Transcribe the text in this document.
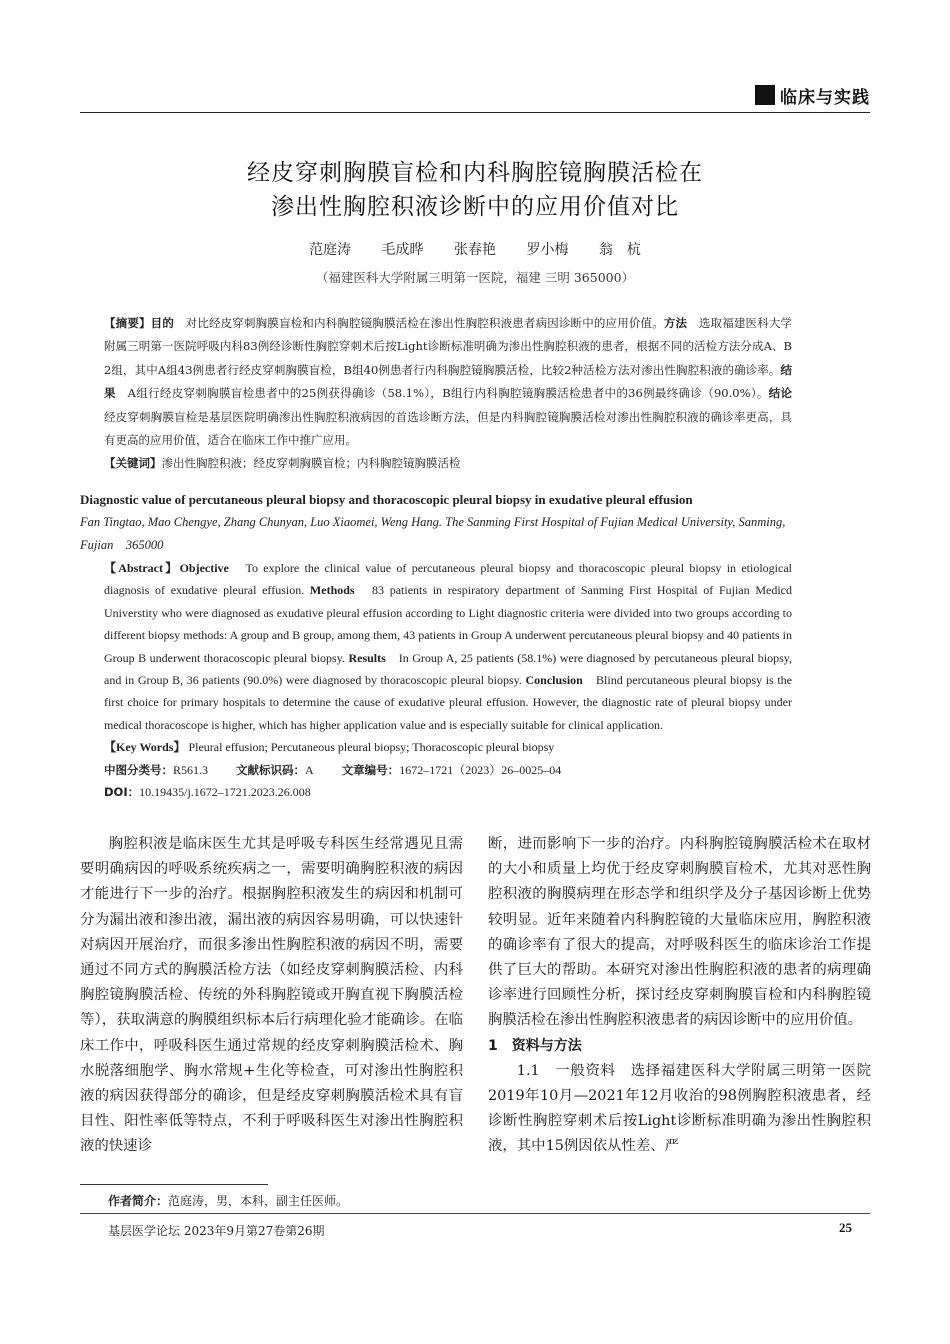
临床与实践
经皮穿刺胸膜盲检和内科胸腔镜胸膜活检在
渗出性胸腔积液诊断中的应用价值对比
范庭涛 毛成晔 张春艳 罗小梅 翁　杭
（福建医科大学附属三明第一医院，福建 三明 365000）

【摘要】目的　 对比经皮穿刺胸膜盲检和内科胸腔镜胸膜活检在渗出性胸腔积液患者病因诊断中的应用价值。方法　 选取福建医科大学附属三明第一医院呼吸内科83例经诊断性胸腔穿刺术后按Light诊断标准明确为渗出性胸腔积液的患者，根据不同的活检方法分成A、B 2组，其中A组43例患者行经皮穿刺胸膜盲检，B组40例患者行内科胸腔镜胸膜活检，比较2种活检方法对渗出性胸腔积液的确诊率。结果　 A组行经皮穿刺胸膜盲检患者中的25例获得确诊（58.1%），B组行内科胸腔镜胸膜活检患者中的36例最终确诊（90.0%）。结论　经皮穿刺胸膜盲检是基层医院明确渗出性胸腔积液病因的首选诊断方法，但是内科胸腔镜胸膜活检对渗出性胸腔积液的确诊率更高，具有更高的应用价值，适合在临床工作中推广应用。

【关键词】渗出性胸腔积液；经皮穿刺胸膜盲检；内科胸腔镜胸膜活检

Diagnostic value of percutaneous pleural biopsy and thoracoscopic pleural biopsy in exudative pleural effusion

Fan Tingtao, Mao Chengye, Zhang Chunyan, Luo Xiaomei, Weng Hang. The Sanming First Hospital of Fujian Medical University, Sanming, Fujian　365000

【Abstract】Objective　 To explore the clinical value of percutaneous pleural biopsy and thoracoscopic pleural biopsy in etiological diagnosis of exudative pleural effusion. Methods　 83 patients in respiratory department of Sanming First Hospital of Fujian Medicd Universtity who were diagnosed as exudative pleural effusion according to Light diagnostic criteria were divided into two groups according to different biopsy methods: A group and B group, among them, 43 patients in Group A underwent percutaneous pleural biopsy and 40 patients in Group B underwent thoracoscopic pleural biopsy. Results　 In Group A, 25 patients (58.1%) were diagnosed by percutaneous pleural biopsy, and in Group B, 36 patients (90.0%) were diagnosed by thoracoscopic pleural biopsy. Conclusion　 Blind percutaneous pleural biopsy is the first choice for primary hospitals to determine the cause of exudative pleural effusion. However, the diagnostic rate of pleural biopsy under medical thoracoscope is higher, which has higher application value and is especially suitable for clinical application.

【Key Words】 Pleural effusion; Percutaneous pleural biopsy; Thoracoscopic pleural biopsy

中图分类号：R561.3 文献标识码：A 文章编号：1672–1721（2023）26–0025–04

DOI：10.19435/j.1672–1721.2023.26.008

胸腔积液是临床医生尤其是呼吸专科医生经常遇见且需要明确病因的呼吸系统疾病之一，需要明确胸腔积液的病因才能进行下一步的治疗。根据胸腔积液发生的病因和机制可分为漏出液和渗出液，漏出液的病因容易明确，可以快速针对病因开展治疗，而很多渗出性胸腔积液的病因不明，需要通过不同方式的胸膜活检方法（如经皮穿刺胸膜活检、内科胸腔镜胸膜活检、传统的外科胸腔镜或开胸直视下胸膜活检等），获取满意的胸膜组织标本后行病理化验才能确诊。在临床工作中，呼吸科医生通过常规的经皮穿刺胸膜活检术、胸水脱落细胞学、胸水常规+生化等检查，可对渗出性胸腔积液的病因获得部分的确诊，但是经皮穿刺胸膜活检术具有盲目性、阳性率低等特点，不利于呼吸科医生对渗出性胸腔积液的快速诊

断，进而影响下一步的治疗。内科胸腔镜胸膜活检术在取材的大小和质量上均优于经皮穿刺胸膜盲检术，尤其对恶性胸腔积液的胸膜病理在形态学和组织学及分子基因诊断上优势较明显。近年来随着内科胸腔镜的大量临床应用，胸腔积液的确诊率有了很大的提高，对呼吸科医生的临床诊治工作提供了巨大的帮助。本研究对渗出性胸腔积液的患者的病理确诊率进行回顾性分析，探讨经皮穿刺胸膜盲检和内科胸腔镜胸膜活检在渗出性胸腔积液患者的病因诊断中的应用价值。

1　资料与方法

1.1　 一般资料　 选择福建医科大学附属三明第一医院2019年10月—2021年12月收治的98例胸腔积液患者，经诊断性胸腔穿刺术后按Light诊断标准明确为渗出性胸腔积液，其中15例因依从性差、严

作者简介：范庭涛，男，本科，副主任医师。
基层医学论坛 2023年9月第27卷第26期	25
